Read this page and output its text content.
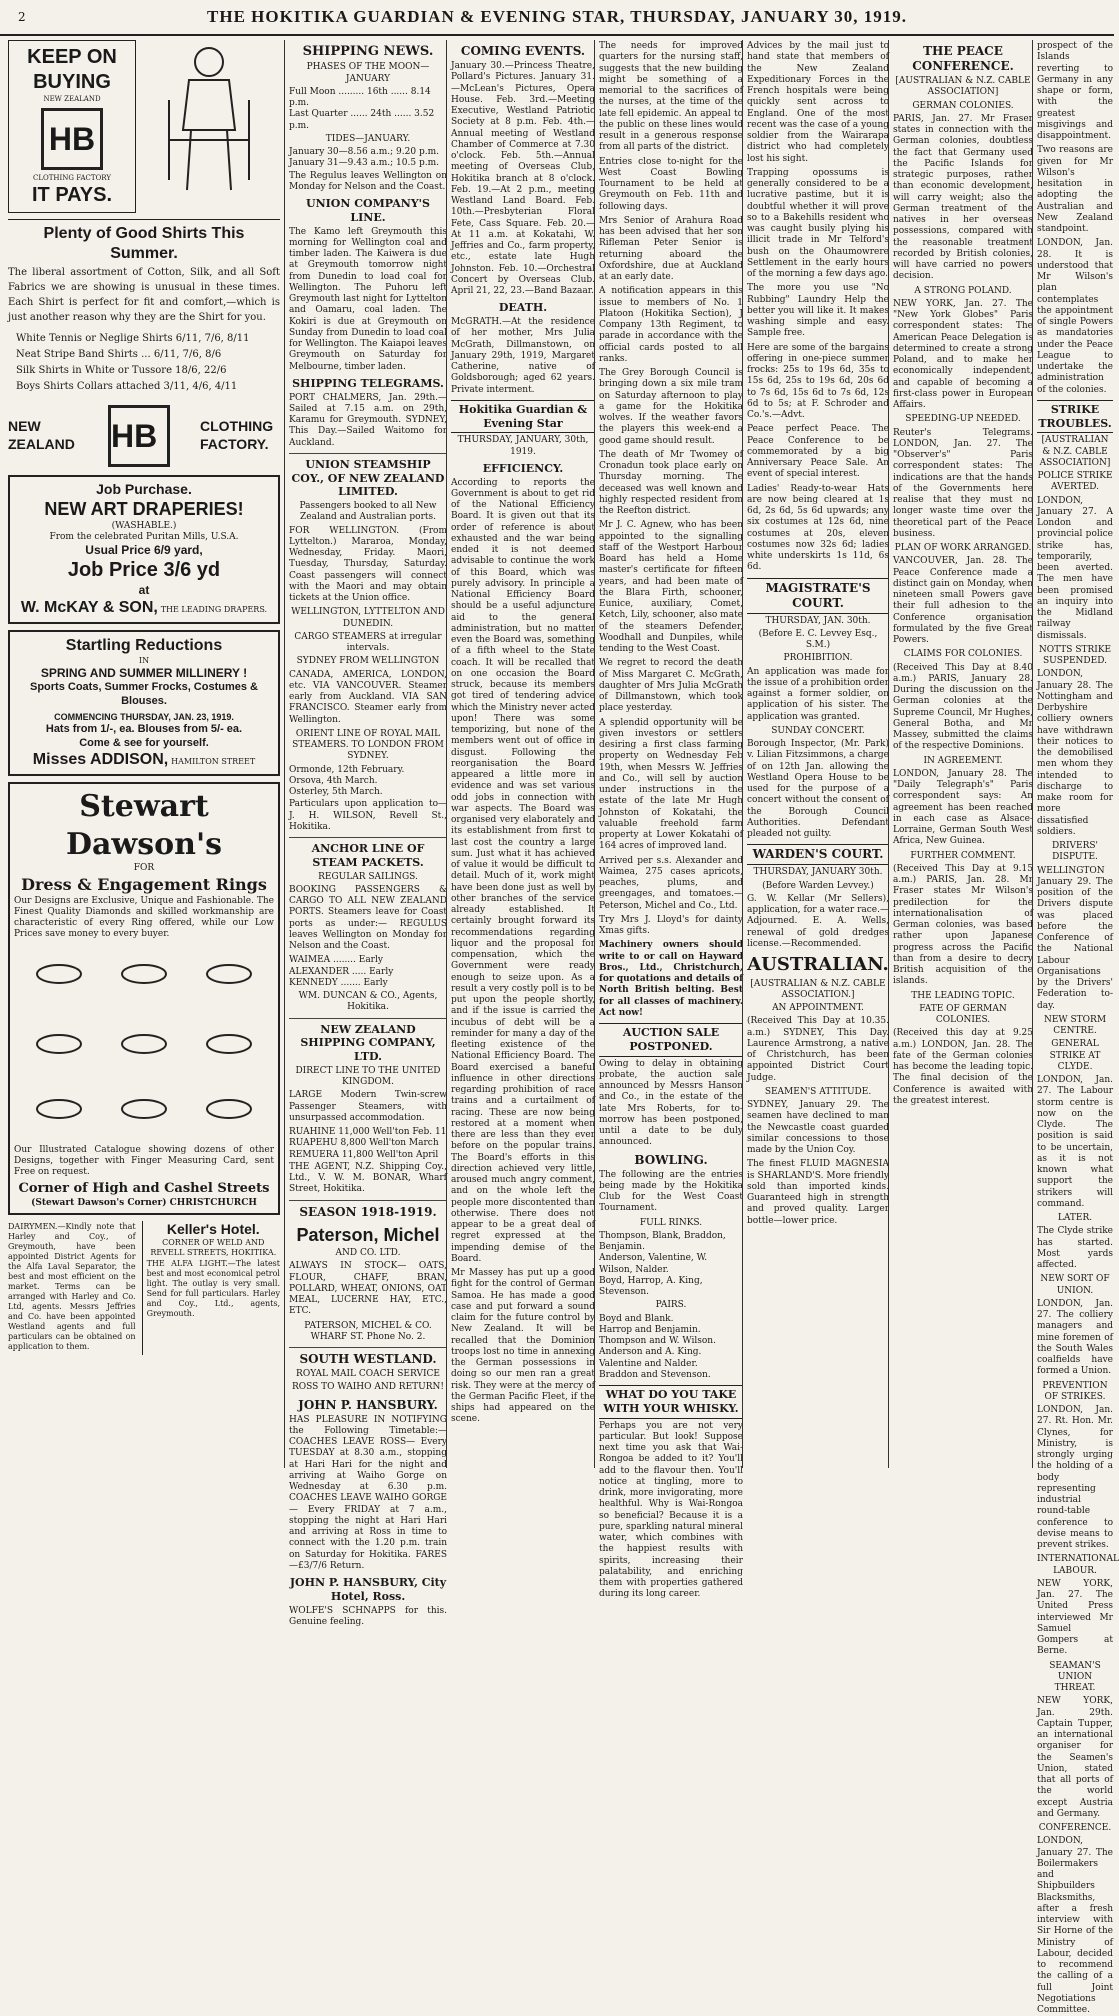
2	THE HOKITIKA GUARDIAN & EVENING STAR, THURSDAY, JANUARY 30, 1919.
KEEP ON
BUYING
NEW ZEALAND
HB
CLOTHING FACTORY
IT PAYS.

Plenty of Good Shirts This Summer.

The liberal assortment of Cotton, Silk, and all Soft Fabrics we are showing is unusual in these times. Each Shirt is perfect for fit and comfort,—which is just another reason why they are the Shirt for you.

White Tennis or Neglige Shirts 6/11, 7/6, 8/11
Neat Stripe Band Shirts ... 6/11, 7/6, 8/6
Silk Shirts in White or Tussore 18/6, 22/6
Boys Shirts Collars attached 3/11, 4/6, 4/11
NEW ZEALAND HB	CLOTHING FACTORY.
Job Purchase.
NEW ART DRAPERIES!
(WASHABLE.)
From the celebrated Puritan Mills, U.S.A.
Usual Price 6/9 yard,
Job Price 3/6 yd
at
W. McKAY & SON, THE LEADING DRAPERS.
Startling Reductions
IN
SPRING AND SUMMER MILLINERY !
Sports Coats, Summer Frocks, Costumes & Blouses.
COMMENCING THURSDAY, JAN. 23, 1919.
Hats from 1/-, ea. Blouses from 5/- ea.
Come & see for yourself.
Misses ADDISON, HAMILTON STREET
Stewart Dawson's
FOR
Dress & Engagement Rings

Our Designs are Exclusive, Unique and Fashionable. The Finest Quality Diamonds and skilled workmanship are characteristic of every Ring offered, while our Low Prices save money to every buyer.

Our Illustrated Catalogue showing dozens of other Designs, together with Finger Measuring Card, sent Free on request.

Corner of High and Cashel Streets
(Stewart Dawson's Corner) CHRISTCHURCH

DAIRYMEN.—Kindly note that Harley and Coy., of Greymouth, have been appointed District Agents for the Alfa Laval Separator, the best and most efficient on the market. Terms can be arranged with Harley and Co. Ltd, agents. Messrs Jeffries and Co. have been appointed Westland agents and full particulars can be obtained on application to them.

Keller's Hotel.
CORNER OF WELD AND REVELL STREETS, HOKITIKA.

THE ALFA LIGHT.—The latest best and most economical petrol light. The outlay is very small. Send for full particulars. Harley and Coy., Ltd., agents, Greymouth.

SHIPPING NEWS.
PHASES OF THE MOON—JANUARY
Full Moon ......... 16th ...... 8.14 p.m.
Last Quarter ...... 24th ...... 3.52 p.m.
TIDES—JANUARY.
January 30—8.56 a.m.; 9.20 p.m.
January 31—9.43 a.m.; 10.5 p.m.

The Regulus leaves Wellington on Monday for Nelson and the Coast.

UNION COMPANY'S LINE.

The Kamo left Greymouth this morning for Wellington coal and timber laden. The Kaiwera is due at Greymouth tomorrow night from Dunedin to load coal for Wellington. The Puhoru left Greymouth last night for Lyttelton and Oamaru, coal laden. The Kokiri is due at Greymouth on Sunday from Dunedin to load coal for Wellington. The Kaiapoi leaves Greymouth on Saturday for Melbourne, timber laden.

SHIPPING TELEGRAMS.

PORT CHALMERS, Jan. 29th.—Sailed at 7.15 a.m. on 29th, Karamu for Greymouth. SYDNEY, This Day.—Sailed Waitomo for Auckland.

UNION STEAMSHIP COY., OF NEW ZEALAND LIMITED.
Passengers booked to all New Zealand and Australian ports.

FOR WELLINGTON. (From Lyttelton.) Mararoa, Monday, Wednesday, Friday. Maori, Tuesday, Thursday, Saturday. Coast passengers will connect with the Maori and may obtain tickets at the Union office.

WELLINGTON, LYTTELTON AND DUNEDIN.
CARGO STEAMERS at irregular intervals.
SYDNEY FROM WELLINGTON

CANADA, AMERICA, LONDON, etc. VIA VANCOUVER. Steamer early from Auckland. VIA SAN FRANCISCO. Steamer early from Wellington.

ORIENT LINE OF ROYAL MAIL STEAMERS. TO LONDON FROM SYDNEY.
Ormonde, 12th February.
Orsova, 4th March.
Osterley, 5th March.

Particulars upon application to— J. H. WILSON, Revell St., Hokitika.

ANCHOR LINE OF STEAM PACKETS.
REGULAR SAILINGS.

BOOKING PASSENGERS & CARGO TO ALL NEW ZEALAND PORTS. Steamers leave for Coast ports as under:— REGULUS leaves Wellington on Monday for Nelson and the Coast.

WAIMEA ........ Early
ALEXANDER ..... Early
KENNEDY ....... Early
WM. DUNCAN & CO., Agents, Hokitika.
NEW ZEALAND SHIPPING COMPANY, LTD.
DIRECT LINE TO THE UNITED KINGDOM.

LARGE Modern Twin-screw Passenger Steamers, with unsurpassed accommodation.

RUAHINE 11,000 Well'ton Feb. 11
RUAPEHU 8,800 Well'ton March
REMUERA 11,800 Well'ton April

THE AGENT, N.Z. Shipping Coy., Ltd., V. W. M. BONAR, Wharf Street, Hokitika.

SEASON 1918-1919.
Paterson, Michel
AND CO. LTD.

ALWAYS IN STOCK— OATS, FLOUR, CHAFF, BRAN, POLLARD, WHEAT, ONIONS, OAT MEAL, LUCERNE HAY, ETC., ETC.

PATERSON, MICHEL & CO. WHARF ST. Phone No. 2.
SOUTH WESTLAND.
ROYAL MAIL COACH SERVICE
ROSS TO WAIHO AND RETURN!
JOHN P. HANSBURY.

HAS PLEASURE IN NOTIFYING the Following Timetable:— COACHES LEAVE ROSS— Every TUESDAY at 8.30 a.m., stopping at Hari Hari for the night and arriving at Waiho Gorge on Wednesday at 6.30 p.m. COACHES LEAVE WAIHO GORGE— Every FRIDAY at 7 a.m., stopping the night at Hari Hari and arriving at Ross in time to connect with the 1.20 p.m. train on Saturday for Hokitika. FARES—£3/7/6 Return.

JOHN P. HANSBURY, City Hotel, Ross.

WOLFE'S SCHNAPPS for this. Genuine feeling.

COMING EVENTS.

January 30.—Princess Theatre, Pollard's Pictures. January 31.—McLean's Pictures, Opera House. Feb. 3rd.—Meeting Executive, Westland Patriotic Society at 8 p.m. Feb. 4th.—Annual meeting of Westland Chamber of Commerce at 7.30 o'clock. Feb. 5th.—Annual meeting of Overseas Club, Hokitika branch at 8 o'clock. Feb. 19.—At 2 p.m., meeting Westland Land Board. Feb. 10th.—Presbyterian Floral Fete, Cass Square. Feb. 20.—At 11 a.m. at Kokatahi, W. Jeffries and Co., farm property, etc., estate late Hugh Johnston. Feb. 10.—Orchestral Concert by Overseas Club. April 21, 22, 23.—Band Bazaar.

DEATH.

McGRATH.—At the residence of her mother, Mrs Julia McGrath, Dillmanstown, on January 29th, 1919, Margaret Catherine, native of Goldsborough; aged 62 years. Private interment.

Hokitika Guardian & Evening Star
THURSDAY, JANUARY, 30th, 1919.
EFFICIENCY.

According to reports the Government is about to get rid of the National Efficiency Board. It is given out that its order of reference is about exhausted and the war being ended it is not deemed advisable to continue the work of this Board, which was purely advisory. In principle a National Efficiency Board should be a useful adjuncture aid to the general administration, but no matter even the Board was, something of a fifth wheel to the State coach. It will be recalled that on one occasion the Board struck, because its members got tired of tendering advice which the Ministry never acted upon! There was some temporizing, but none of the members went out of office in disgust. Following the reorganisation the Board appeared a little more in evidence and was set various odd jobs in connection with war aspects. The Board was organised very elaborately and its establishment from first to last cost the country a large sum. Just what it has achieved of value it would be difficult to detail. Much of it, work might have been done just as well by other branches of the service already established. It certainly brought forward its recommendations regarding liquor and the proposal for compensation, which the Government were ready enough to seize upon. As a result a very costly poll is to be put upon the people shortly, and if the issue is carried the incubus of debt will be a reminder for many a day of the fleeting existence of the National Efficiency Board. The Board exercised a baneful influence in other directions regarding prohibition of race trains and a curtailment of racing. These are now being restored at a moment when there are less than they ever before on the popular trains. The Board's efforts in this direction achieved very little, aroused much angry comment, and on the whole left the people more discontented than otherwise. There does not appear to be a great deal of regret expressed at the impending demise of the Board.

Mr Massey has put up a good fight for the control of German Samoa. He has made a good case and put forward a sound claim for the future control by New Zealand. It will be recalled that the Dominion troops lost no time in annexing the German possessions in doing so our men ran a great risk. They were at the mercy of the German Pacific Fleet, if the ships had appeared on the scene.

The needs for improved quarters for the nursing staff, suggests that the new building might be something of a memorial to the sacrifices of the nurses, at the time of the late fell epidemic. An appeal to the public on these lines would result in a generous response from all parts of the district.

Entries close to-night for the West Coast Bowling Tournament to be held at Greymouth on Feb. 11th and following days.

Mrs Senior of Arahura Road has been advised that her son Rifleman Peter Senior is returning aboard the Oxfordshire, due at Auckland at an early date.

A notification appears in this issue to members of No. 1 Platoon (Hokitika Section), J Company 13th Regiment, to parade in accordance with the official cards posted to all ranks.

The Grey Borough Council is bringing down a six mile tram on Saturday afternoon to play a game for the Hokitika wolves. If the weather favors the players this week-end a good game should result.

The death of Mr Twomey of Cronadun took place early on Thursday morning. The deceased was well known and highly respected resident from the Reefton district.

Mr J. C. Agnew, who has been appointed to the signalling staff of the Westport Harbour Board has held a Home master's certificate for fifteen years, and had been mate of the Blara Firth, schooner, Eunice, auxiliary, Comet, Ketch, Lily, schooner, also mate of the steamers Defender, Woodhall and Dunpiles, while tending to the West Coast.

We regret to record the death of Miss Margaret C. McGrath, daughter of Mrs Julia McGrath of Dillmanstown, which took place yesterday.

A splendid opportunity will be given investors or settlers desiring a first class farming property on Wednesday Feb 19th, when Messrs W. Jeffries and Co., will sell by auction under instructions in the estate of the late Mr Hugh Johnston of Kokatahi, the valuable freehold farm property at Lower Kokatahi of 164 acres of improved land.

Arrived per s.s. Alexander and Waimea, 275 cases apricots, peaches, plums, and greengages, and tomatoes.—Peterson, Michel and Co., Ltd.

Try Mrs J. Lloyd's for dainty Xmas gifts.

Machinery owners should write to or call on Hayward Bros., Ltd., Christchurch, for quotations and details of North British belting. Best for all classes of machinery. Act now!

AUCTION SALE POSTPONED.

Owing to delay in obtaining probate, the auction sale announced by Messrs Hanson and Co., in the estate of the late Mrs Roberts, for to-morrow has been postponed, until a date to be duly announced.

BOWLING.

The following are the entries being made by the Hokitika Club for the West Coast Tournament.

FULL RINKS.
Thompson, Blank, Braddon, Benjamin.
Anderson, Valentine, W. Wilson, Nalder.
Boyd, Harrop, A. King, Stevenson.
PAIRS.
Boyd and Blank.
Harrop and Benjamin.
Thompson and W. Wilson.
Anderson and A. King.
Valentine and Nalder.
Braddon and Stevenson.
WHAT DO YOU TAKE WITH YOUR WHISKY.

Perhaps you are not very particular. But look! Suppose next time you ask that Wai-Rongoa be added to it? You'll add to the flavour then. You'll notice at tingling, more to drink, more invigorating, more healthful. Why is Wai-Rongoa so beneficial? Because it is a pure, sparkling natural mineral water, which combines with the happiest results with spirits, increasing their palatability, and enriching them with properties gathered during its long career.

Advices by the mail just to hand state that members of the New Zealand Expeditionary Forces in the French hospitals were being quickly sent across to England. One of the most recent was the case of a young soldier from the Wairarapa district who had completely lost his sight.

Trapping opossums is generally considered to be a lucrative pastime, but it is doubtful whether it will prove so to a Bakehills resident who was caught busily plying his illicit trade in Mr Telford's bush on the Ohaumowrere Settlement in the early hours of the morning a few days ago.

The more you use "No Rubbing" Laundry Help the better you will like it. It makes washing simple and easy. Sample free.

Here are some of the bargains offering in one-piece summer frocks: 25s to 19s 6d, 35s to 15s 6d, 25s to 19s 6d, 20s 6d to 7s 6d, 15s 6d to 7s 6d, 12s 6d to 5s; at F. Schroder and Co.'s.—Advt.

Peace perfect Peace. The Peace Conference to be commemorated by a big Anniversary Peace Sale. An event of special interest.

Ladies' Ready-to-wear Hats are now being cleared at 1s 6d, 2s 6d, 5s 6d upwards; any six costumes at 12s 6d, nine costumes at 20s, eleven costumes now 32s 6d; ladies white underskirts 1s 11d, 6s 6d.

MAGISTRATE'S COURT.
THURSDAY, JAN. 30th.
(Before E. C. Levvey Esq., S.M.)
PROHIBITION.

An application was made for the issue of a prohibition order against a former soldier, on application of his sister. The application was granted.

SUNDAY CONCERT.

Borough Inspector, (Mr. Park) v. Lilian Fitzsimmons, a charge of on 12th Jan. allowing the Westland Opera House to be used for the purpose of a concert without the consent of the Borough Council Authorities. Defendant pleaded not guilty.

WARDEN'S COURT.
THURSDAY, JANUARY 30th.
(Before Warden Levvey.)

G. W. Kellar (Mr Sellers), application, for a water race.—Adjourned. E. A. Wells, renewal of gold dredges license.—Recommended.

AUSTRALIAN.
[AUSTRALIAN & N.Z. CABLE ASSOCIATION.]
AN APPOINTMENT.

(Received This Day at 10.35. a.m.) SYDNEY, This Day. Laurence Armstrong, a native of Christchurch, has been appointed District Court Judge.

SEAMEN'S ATTITUDE.

SYDNEY, January 29. The seamen have declined to man the Newcastle coast guarded similar concessions to those made by the Union Coy.

The finest FLUID MAGNESIA is SHARLAND'S. More friendly sold than imported kinds. Guaranteed high in strength and proved quality. Larger bottle—lower price.

THE PEACE CONFERENCE.
[AUSTRALIAN & N.Z. CABLE ASSOCIATION]
GERMAN COLONIES.

PARIS, Jan. 27. Mr Fraser states in connection with the German colonies, doubtless the fact that Germany used the Pacific Islands for strategic purposes, rather than economic development, will carry weight; also the German treatment of the natives in her overseas possessions, compared with the reasonable treatment recorded by British colonies, will have carried no powers decision.

A STRONG POLAND.

NEW YORK, Jan. 27. The "New York Globes" Paris correspondent states: The American Peace Delegation is determined to create a strong Poland, and to make her economically independent, and capable of becoming a first-class power in European Affairs.

SPEEDING-UP NEEDED.

Reuter's Telegrams. LONDON, Jan. 27. The "Observer's" Paris correspondent states: The indications are that the hands of the Governments here realise that they must no longer waste time over the theoretical part of the Peace business.

PLAN OF WORK ARRANGED.

VANCOUVER, Jan. 28. The Peace Conference made a distinct gain on Monday, when nineteen small Powers gave their full adhesion to the Conference organisation formulated by the five Great Powers.

CLAIMS FOR COLONIES.

(Received This Day at 8.40 a.m.) PARIS, January 28. During the discussion on the German colonies at the Supreme Council, Mr Hughes, General Botha, and Mr Massey, submitted the claims of the respective Dominions.

IN AGREEMENT.

LONDON, January 28. The "Daily Telegraph's" Paris correspondent says: An agreement has been reached in each case as Alsace-Lorraine, German South West Africa, New Guinea.

FURTHER COMMENT.

(Received This Day at 9.15 a.m.) PARIS, Jan. 28. Mr Fraser states Mr Wilson's predilection for the internationalisation of German colonies, was based rather upon Japanese progress across the Pacific than from a desire to decry British acquisition of the islands.

THE LEADING TOPIC.
FATE OF GERMAN COLONIES.

(Received this day at 9.25 a.m.) LONDON, Jan. 28. The fate of the German colonies has become the leading topic. The final decision of the Conference is awaited with the greatest interest.

prospect of the Islands reverting to Germany in any shape or form, with the greatest misgivings and disappointment.

Two reasons are given for Mr Wilson's hesitation in adopting the Australian and New Zealand standpoint.

LONDON, Jan. 28. It is understood that Mr Wilson's plan contemplates the appointment of single Powers as mandatories under the Peace League to undertake the administration of the colonies.

STRIKE TROUBLES.
[AUSTRALIAN & N.Z. CABLE ASSOCIATION]
POLICE STRIKE AVERTED.

LONDON, January 27. A London and provincial police strike has, temporarily, been averted. The men have been promised an inquiry into the Midland railway dismissals.

NOTTS STRIKE SUSPENDED.

LONDON, January 28. The Nottingham and Derbyshire colliery owners have withdrawn their notices to the demobilised men whom they intended to discharge to make room for more dissatisfied soldiers.

DRIVERS' DISPUTE.

WELLINGTON January 29. The position of the Drivers dispute was placed before the Conference of the National Labour Organisations by the Drivers' Federation to-day.

NEW STORM CENTRE.
GENERAL STRIKE AT CLYDE.

LONDON, Jan. 27. The Labour storm centre is now on the Clyde. The position is said to be uncertain, as it is not known what support the strikers will command.

LATER.

The Clyde strike has started. Most yards affected.

NEW SORT OF UNION.

LONDON, Jan. 27. The colliery managers and mine foremen of the South Wales coalfields have formed a Union.

PREVENTION OF STRIKES.

LONDON, Jan. 27. Rt. Hon. Mr. Clynes, for Ministry, is strongly urging the holding of a body representing industrial round-table conference to devise means to prevent strikes.

INTERNATIONAL LABOUR.

NEW YORK, Jan. 27. The United Press interviewed Mr Samuel Gompers at Berne.

SEAMAN'S UNION THREAT.

NEW YORK, Jan. 29th. Captain Tupper, an international organiser for the Seamen's Union, stated that all ports of the world except Austria and Germany.

CONFERENCE.

LONDON, January 27. The Boilermakers and Shipbuilders Blacksmiths, after a fresh interview with Sir Horne of the Ministry of Labour, decided to recommend the calling of a full Joint Negotiations Committee.
